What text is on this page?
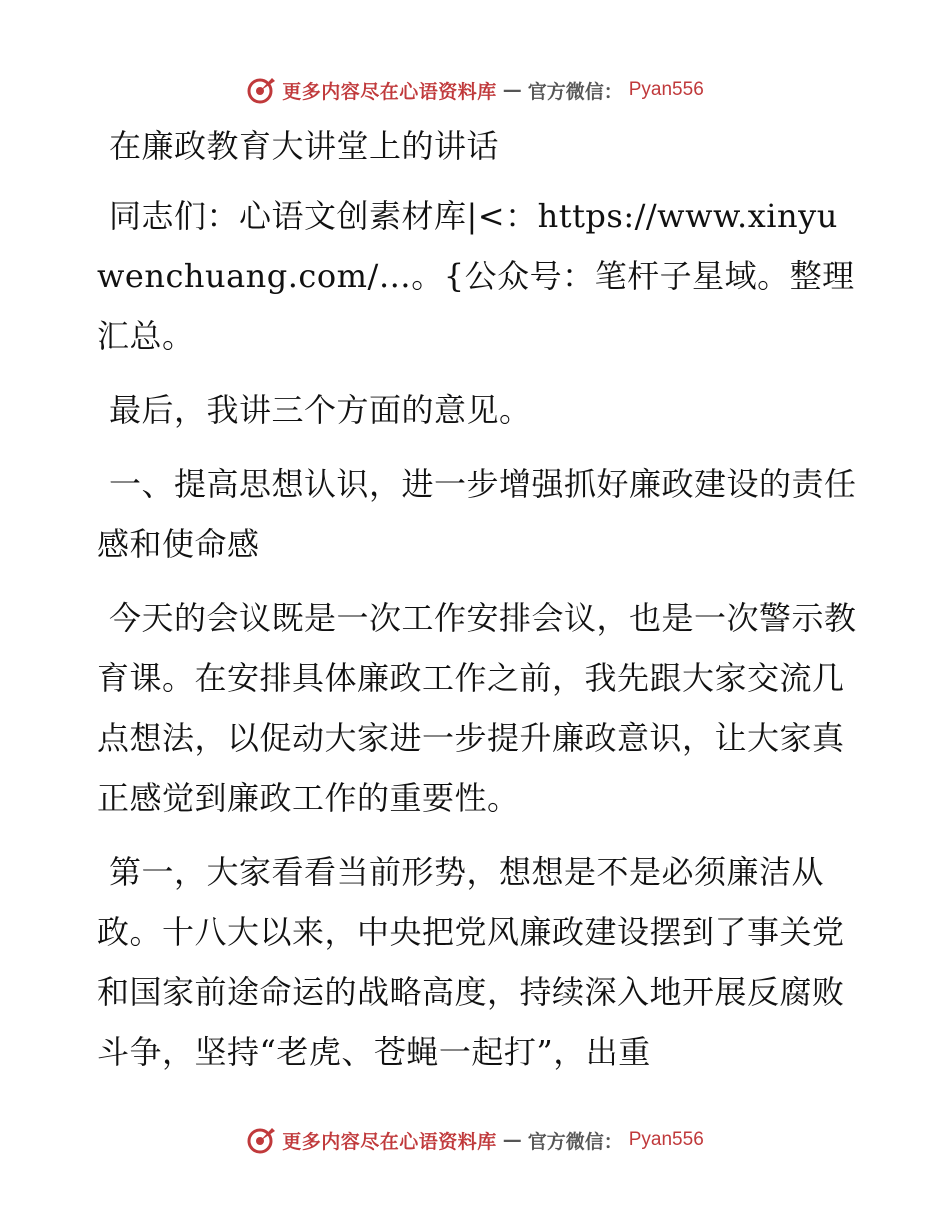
更多内容尽在心语资料库 — 官方微信： Pyan556

在廉政教育大讲堂上的讲话

同志们：心语文创素材库|<：https://www.xinyuwenchuang.com/…。{公众号：笔杆子星域。整理汇总。

最后，我讲三个方面的意见。

一、提高思想认识，进一步增强抓好廉政建设的责任感和使命感

今天的会议既是一次工作安排会议，也是一次警示教育课。在安排具体廉政工作之前，我先跟大家交流几点想法，以促动大家进一步提升廉政意识，让大家真正感觉到廉政工作的重要性。

第一，大家看看当前形势，想想是不是必须廉洁从政。十八大以来，中央把党风廉政建设摆到了事关党和国家前途命运的战略高度，持续深入地开展反腐败斗争，坚持“老虎、苍蝇一起打”，出重

更多内容尽在心语资料库 — 官方微信： Pyan556
